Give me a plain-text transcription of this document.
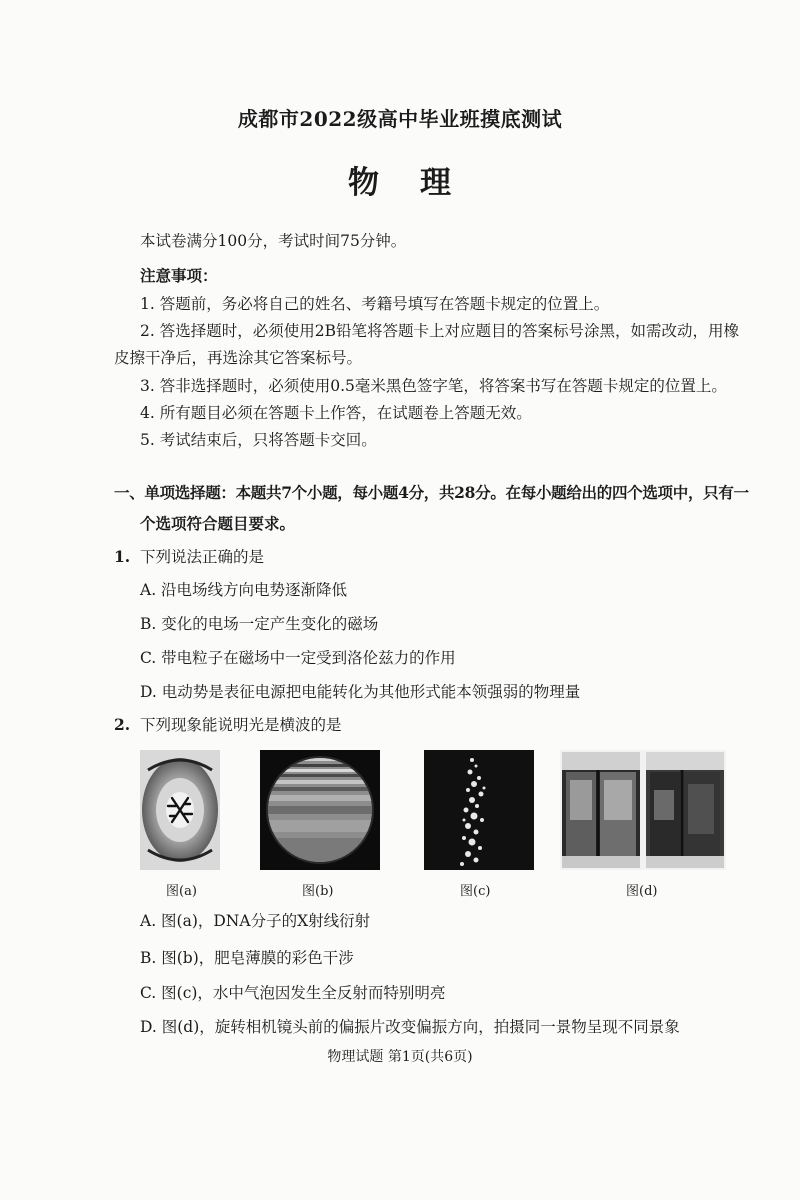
成都市2022级高中毕业班摸底测试
物 理
本试卷满分100分，考试时间75分钟。
注意事项：
1. 答题前，务必将自己的姓名、考籍号填写在答题卡规定的位置上。
2. 答选择题时，必须使用2B铅笔将答题卡上对应题目的答案标号涂黑，如需改动，用橡
皮擦干净后，再选涂其它答案标号。
3. 答非选择题时，必须使用0.5毫米黑色签字笔，将答案书写在答题卡规定的位置上。
4. 所有题目必须在答题卡上作答，在试题卷上答题无效。
5. 考试结束后，只将答题卡交回。
一、单项选择题：本题共7个小题，每小题4分，共28分。在每小题给出的四个选项中，只有一
个选项符合题目要求。
1. 下列说法正确的是
A. 沿电场线方向电势逐渐降低
B. 变化的电场一定产生变化的磁场
C. 带电粒子在磁场中一定受到洛伦兹力的作用
D. 电动势是表征电源把电能转化为其他形式能本领强弱的物理量
2. 下列现象能说明光是横波的是
图(a)	图(b)	图(c)	图(d)
A. 图(a)，DNA分子的X射线衍射
B. 图(b)，肥皂薄膜的彩色干涉
C. 图(c)，水中气泡因发生全反射而特别明亮
D. 图(d)，旋转相机镜头前的偏振片改变偏振方向，拍摄同一景物呈现不同景象
物理试题 第1页(共6页)
